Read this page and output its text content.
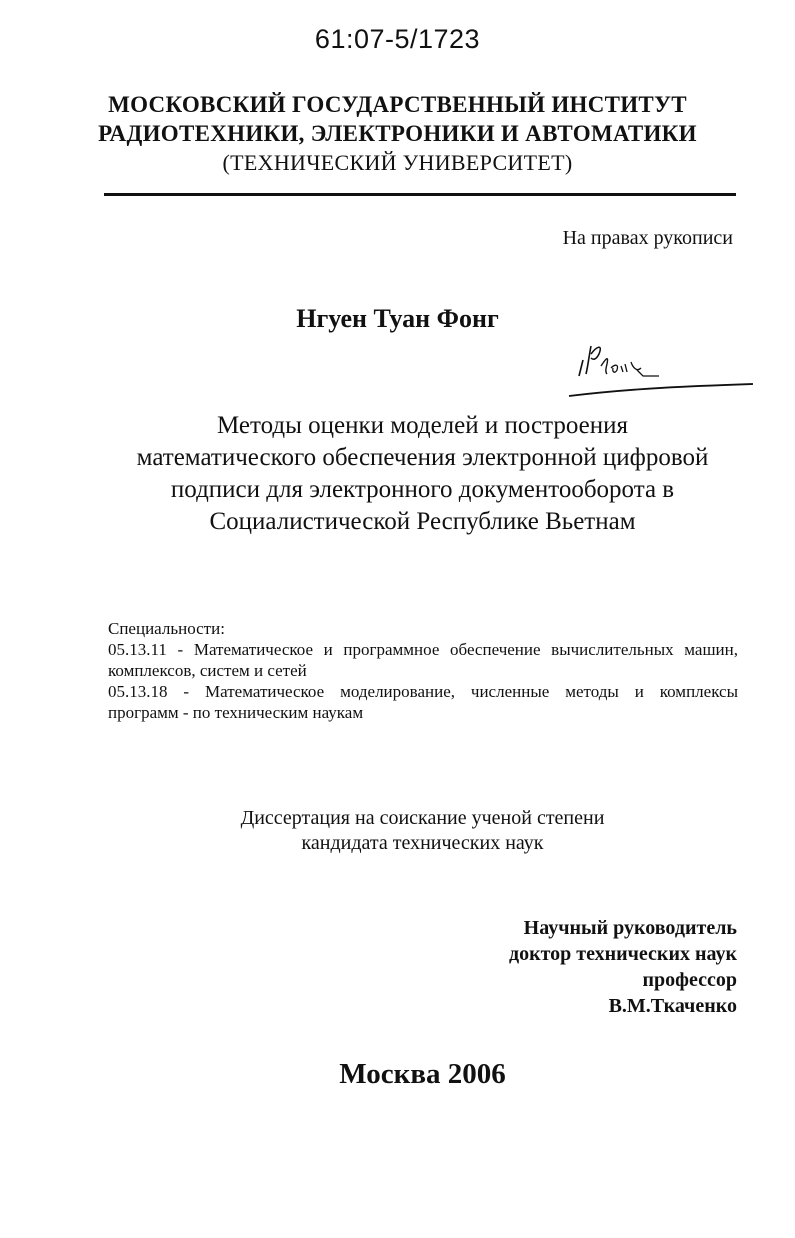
61:07-5/1723
МОСКОВСКИЙ ГОСУДАРСТВЕННЫЙ ИНСТИТУТ
РАДИОТЕХНИКИ, ЭЛЕКТРОНИКИ И АВТОМАТИКИ
(ТЕХНИЧЕСКИЙ УНИВЕРСИТЕТ)
На правах рукописи
Нгуен Туан Фонг
Методы оценки моделей и построения
математического обеспечения электронной цифровой
подписи для электронного документооборота в
Социалистической Республике Вьетнам
Специальности:
05.13.11 - Математическое и программное обеспечение вычислительных машин,
комплексов, систем и сетей
05.13.18 - Математическое моделирование, численные методы и комплексы
программ - по техническим наукам
Диссертация на соискание ученой степени
кандидата технических наук
Научный руководитель
доктор технических наук
профессор
В.М.Ткаченко
Москва 2006
